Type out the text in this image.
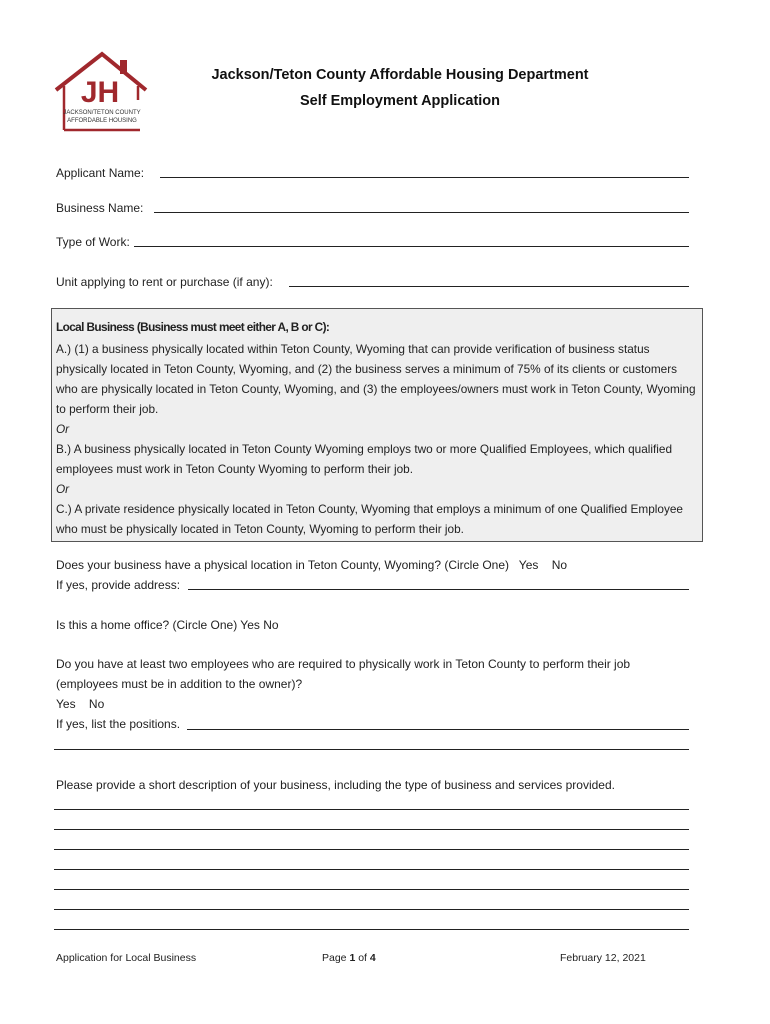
JH
JACKSON/TETON COUNTY
AFFORDABLE HOUSING
Jackson/Teton County Affordable Housing Department
Self Employment Application
Applicant Name:
Business Name:
Type of Work:
Unit applying to rent or purchase (if any):

Local Business (Business must meet either A, B or C):

A.) (1) a business physically located within Teton County, Wyoming that can provide verification of business status physically located in Teton County, Wyoming, and (2) the business serves a minimum of 75% of its clients or customers who are physically located in Teton County, Wyoming, and (3) the employees/owners must work in Teton County, Wyoming to perform their job.

Or

B.) A business physically located in Teton County Wyoming employs two or more Qualified Employees, which qualified employees must work in Teton County Wyoming to perform their job.

Or

C.) A private residence physically located in Teton County, Wyoming that employs a minimum of one Qualified Employee who must be physically located in Teton County, Wyoming to perform their job.

Does your business have a physical location in Teton County, Wyoming? (Circle One)   Yes    No
If yes, provide address:
Is this a home office? (Circle One) Yes No
Do you have at least two employees who are required to physically work in Teton County to perform their job
(employees must be in addition to the owner)?
Yes    No
If yes, list the positions.
Please provide a short description of your business, including the type of business and services provided.
Application for Local Business	Page 1 of 4	February 12, 2021
